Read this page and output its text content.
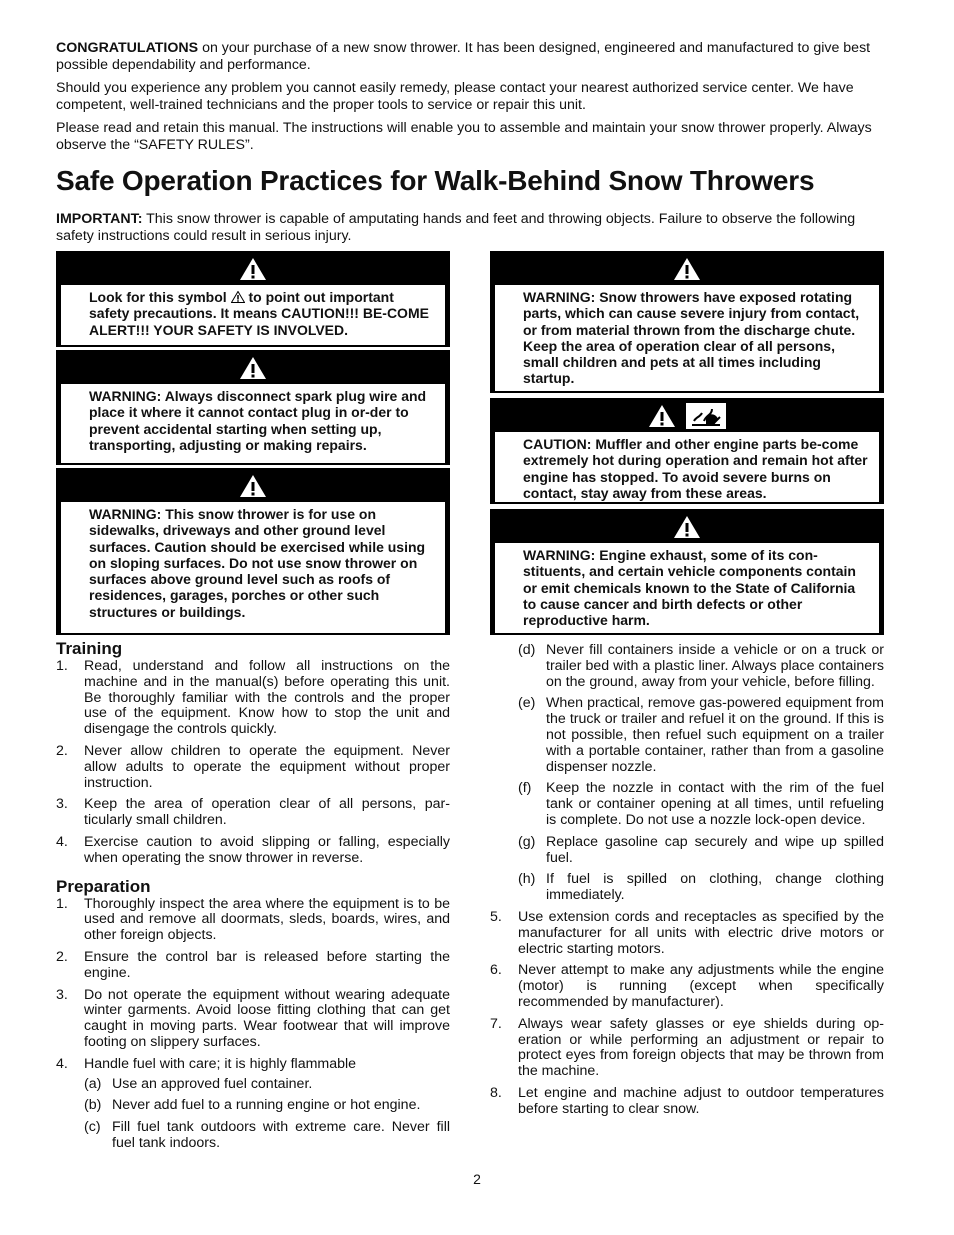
CONGRATULATIONS on your purchase of a new snow thrower. It has been designed, engineered and manufactured to give best possible dependability and performance.

Should you experience any problem you cannot easily remedy, please contact your nearest authorized service center. We have competent, well-trained technicians and the proper tools to service or repair this unit.

Please read and retain this manual. The instructions will enable you to assemble and maintain your snow thrower properly. Always observe the “SAFETY RULES”.

Safe Operation Practices for Walk-Behind Snow Throwers

IMPORTANT: This snow thrower is capable of amputating hands and feet and throwing objects. Failure to observe the following safety instructions could result in serious injury.

Look for this symbol  to point out important safety precautions. It means CAUTION!!! BE-COME ALERT!!! YOUR SAFETY IS INVOLVED.
WARNING: Always disconnect spark plug wire and place it where it cannot contact plug in or-der to prevent accidental starting when setting up, transporting, adjusting or making repairs.
WARNING: This snow thrower is for use on sidewalks, driveways and other ground level surfaces. Caution should be exercised while using on sloping surfaces. Do not use snow thrower on surfaces above ground level such as roofs of residences, garages, porches or other such structures or buildings.
Training
1. Read, understand and follow all instructions on the machine and in the manual(s) before operating this unit. Be thoroughly familiar with the controls and the proper use of the equipment. Know how to stop the unit and disengage the controls quickly.
2. Never allow children to operate the equipment. Never allow adults to operate the equipment without proper instruction.
3. Keep the area of operation clear of all persons, par-ticularly small children.
4. Exercise caution to avoid slipping or falling, especially when operating the snow thrower in reverse.
Preparation
1. Thoroughly inspect the area where the equipment is to be used and remove all doormats, sleds, boards, wires, and other foreign objects.
2. Ensure the control bar is released before starting the engine.
3. Do not operate the equipment without wearing adequate winter garments. Avoid loose fitting clothing that can get caught in moving parts. Wear footwear that will improve footing on slippery surfaces.
4. Handle fuel with care; it is highly flammable
(a) Use an approved fuel container.
(b) Never add fuel to a running engine or hot engine.
(c) Fill fuel tank outdoors with extreme care. Never fill fuel tank indoors.
WARNING: Snow throwers have exposed rotating parts, which can cause severe injury from contact, or from material thrown from the discharge chute. Keep the area of operation clear of all persons, small children and pets at all times including startup.
CAUTION: Muffler and other engine parts be-come extremely hot during operation and remain hot after engine has stopped. To avoid severe burns on contact, stay away from these areas.
WARNING: Engine exhaust, some of its con-stituents, and certain vehicle components contain or emit chemicals known to the State of California to cause cancer and birth defects or other reproductive harm.
(d) Never fill containers inside a vehicle or on a truck or trailer bed with a plastic liner. Always place containers on the ground, away from your vehicle, before filling.
(e) When practical, remove gas-powered equipment from the truck or trailer and refuel it on the ground. If this is not possible, then refuel such equipment on a trailer with a portable container, rather than from a gasoline dispenser nozzle.
(f) Keep the nozzle in contact with the rim of the fuel tank or container opening at all times, until refueling is complete. Do not use a nozzle lock-open device.
(g) Replace gasoline cap securely and wipe up spilled fuel.
(h) If fuel is spilled on clothing, change clothing immediately.
5. Use extension cords and receptacles as specified by the manufacturer for all units with electric drive motors or electric starting motors.
6. Never attempt to make any adjustments while the engine (motor) is running (except when specifically recommended by manufacturer).
7. Always wear safety glasses or eye shields during op-eration or while performing an adjustment or repair to protect eyes from foreign objects that may be thrown from the machine.
8. Let engine and machine adjust to outdoor temperatures before starting to clear snow.
2
